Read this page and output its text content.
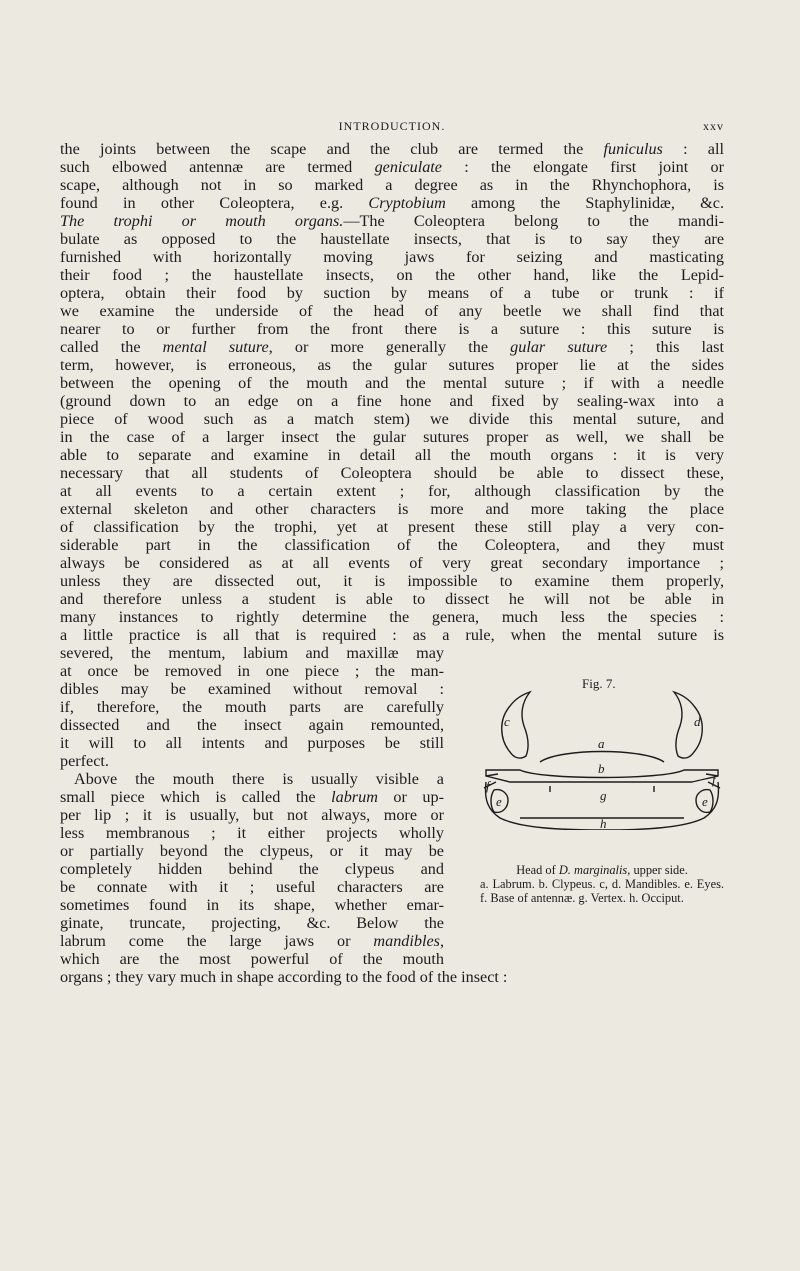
INTRODUCTION.	xxv
the joints between the scape and the club are termed the funiculus : all
such elbowed antennæ are termed geniculate : the elongate first joint or
scape, although not in so marked a degree as in the Rhynchophora, is
found in other Coleoptera, e.g. Cryptobium among the Staphylinidæ, &c.
The trophi or mouth organs.—The Coleoptera belong to the mandi-
bulate as opposed to the haustellate insects, that is to say they are
furnished with horizontally moving jaws for seizing and masticating
their food ; the haustellate insects, on the other hand, like the Lepid-
optera, obtain their food by suction by means of a tube or trunk : if
we examine the underside of the head of any beetle we shall find that
nearer to or further from the front there is a suture : this suture is
called the mental suture, or more generally the gular suture ; this last
term, however, is erroneous, as the gular sutures proper lie at the sides
between the opening of the mouth and the mental suture ; if with a needle
(ground down to an edge on a fine hone and fixed by sealing-wax into a
piece of wood such as a match stem) we divide this mental suture, and
in the case of a larger insect the gular sutures proper as well, we shall be
able to separate and examine in detail all the mouth organs : it is very
necessary that all students of Coleoptera should be able to dissect these,
at all events to a certain extent ; for, although classification by the
external skeleton and other characters is more and more taking the place
of classification by the trophi, yet at present these still play a very con-
siderable part in the classification of the Coleoptera, and they must
always be considered as at all events of very great secondary importance ;
unless they are dissected out, it is impossible to examine them properly,
and therefore unless a student is able to dissect he will not be able in
many instances to rightly determine the genera, much less the species :
a little practice is all that is required : as a rule, when the mental suture is
severed, the mentum, labium and maxillæ may
at once be removed in one piece ; the man-
dibles may be examined without removal :
if, therefore, the mouth parts are carefully
dissected and the insect again remounted,
it will to all intents and purposes be still
perfect.
Above the mouth there is usually visible a
small piece which is called the labrum or up-
per lip ; it is usually, but not always, more or
less membranous ; it either projects wholly
or partially beyond the clypeus, or it may be
completely hidden behind the clypeus and
be connate with it ; useful characters are
sometimes found in its shape, whether emar-
ginate, truncate, projecting, &c. Below the
labrum come the large jaws or mandibles,
which are the most powerful of the mouth
organs ; they vary much in shape according to the food of the insect :
Fig. 7.
a
b
c	d
e	e
f	f
g
h
Head of D. marginalis, upper side.
a. Labrum. b. Clypeus. c, d. Mandibles. e. Eyes. f. Base of antennæ. g. Vertex. h. Occiput.
